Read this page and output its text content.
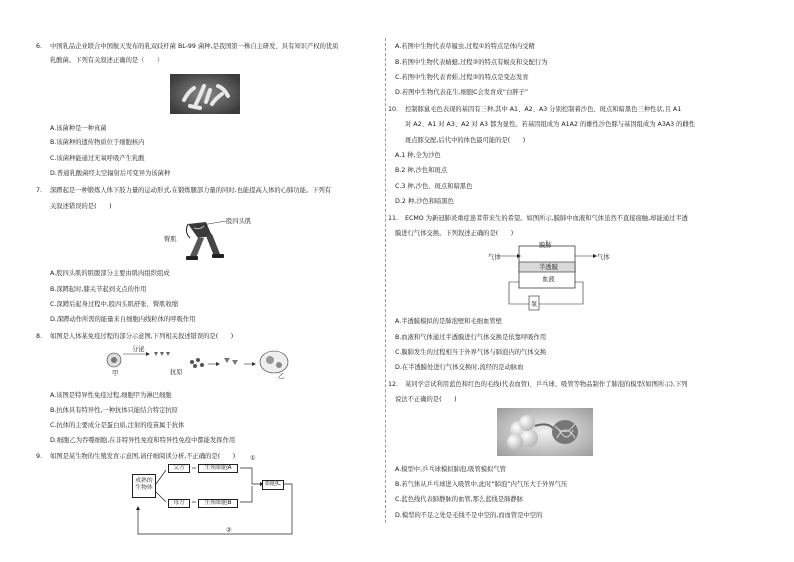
6. 中国乳品企业联合中国航天发布的乳双歧杆菌 BL-99 菌种,是我国第一株自主研发、具有知识产权的优质
乳酸菌。下列有关叙述正确的是（　　）
A.该菌种是一种真菌
B.该菌种的遗传物质位于细胞核内
C.该菌种能通过无氧呼吸产生乳酸
D.普通乳酸菌经太空辐射后可变异为该菌种
7. 深蹲起是一种锻炼人体下肢力量的运动形式,在锻炼腿部力量的同时,也能提高人体的心肺功能。下列有
关叙述错误的是(　　)
股四头肌
臀肌
A.股四头肌的肌腹部分主要由肌肉组织组成
B.深蹲起时,膝关节起到支点的作用
C.深蹲后起身过程中,股四头肌舒张、臀肌收缩
D.深蹲动作所需的能量来自细胞内线粒体的呼吸作用
8. 如图是人体某免疫过程的部分示意图,下列相关叙述错误的是(　　)
分泌
抗原
甲	乙
A.该图是特异性免疫过程,细胞甲为淋巴细胞
B.抗体具有特异性,一种抗体只能结合特定抗原
C.抗体的主要成分是蛋白质,注射的疫苗属于抗体
D.细胞乙为吞噬细胞,在非特异性免疫和特异性免疫中都能发挥作用
9. 如图是某生物的生殖发育示意图,请仔细阅读分析,不正确的是(　　)
成熟的生物体
父方
母方
生殖细胞A
生殖细胞B
细胞C
①
②
A.若图中生物代表草履虫,过程①的特点是体内受精
B.若图中生物代表蜻蜓,过程②的特点有蜕皮和交配行为
C.若图中生物代表青蛙,过程②的特点是变态发育
D.若图中生物代表花生,细胞C会发育成“白胖子”
10. 控制豚鼠毛色表现的基因有三种,其中 A1、A2、A3 分别控制着沙色、斑点和暗黑色三种性状,且 A1
对 A2、A1 对 A3、A2 对 A3 都为显性。若基因组成为 A1A2 的雄性沙色豚与基因组成为 A3A3 的雌性
斑点豚交配,后代中的体色最可能的是(　　)
A.1 种,全为沙色
B.2 种,沙色和斑点
C.3 种,沙色、斑点和暗黑色
D.2 种,沙色和暗黑色
11. ECMO 为新冠肺炎重症患者带来生的希望。如图所示,膜肺中血液和气体虽然不直接接触,却能通过半透
膜进行气体交换。下列叙述正确的是(　　)
膜肺
气体	气体
半透膜
血液
泵
A.半透膜模拟的是肺泡壁和毛细血管壁
B.血液和气体通过半透膜进行气体交换是依靠呼吸作用
C.膜肺发生的过程相当于外界气体与肺泡内的气体交换
D.在半透膜处进行气体交换时,流经的是动脉血
12. 某同学尝试利用蓝色和红色的毛线(代表血管)、乒乓球、吸管等物品制作了肺泡的模型(如图所示),下列
说法不正确的是(　　)
A.模型中,乒乓球模拟肺泡,吸管模拟气管
B.若气体从乒乓球进入吸管中,此时“肺泡”内气压大于外界气压
C.蓝色线代表肺静脉的血管,那么蓝线是肺静脉
D.模型的不足之处是毛线不是中空的,而血管是中空的
